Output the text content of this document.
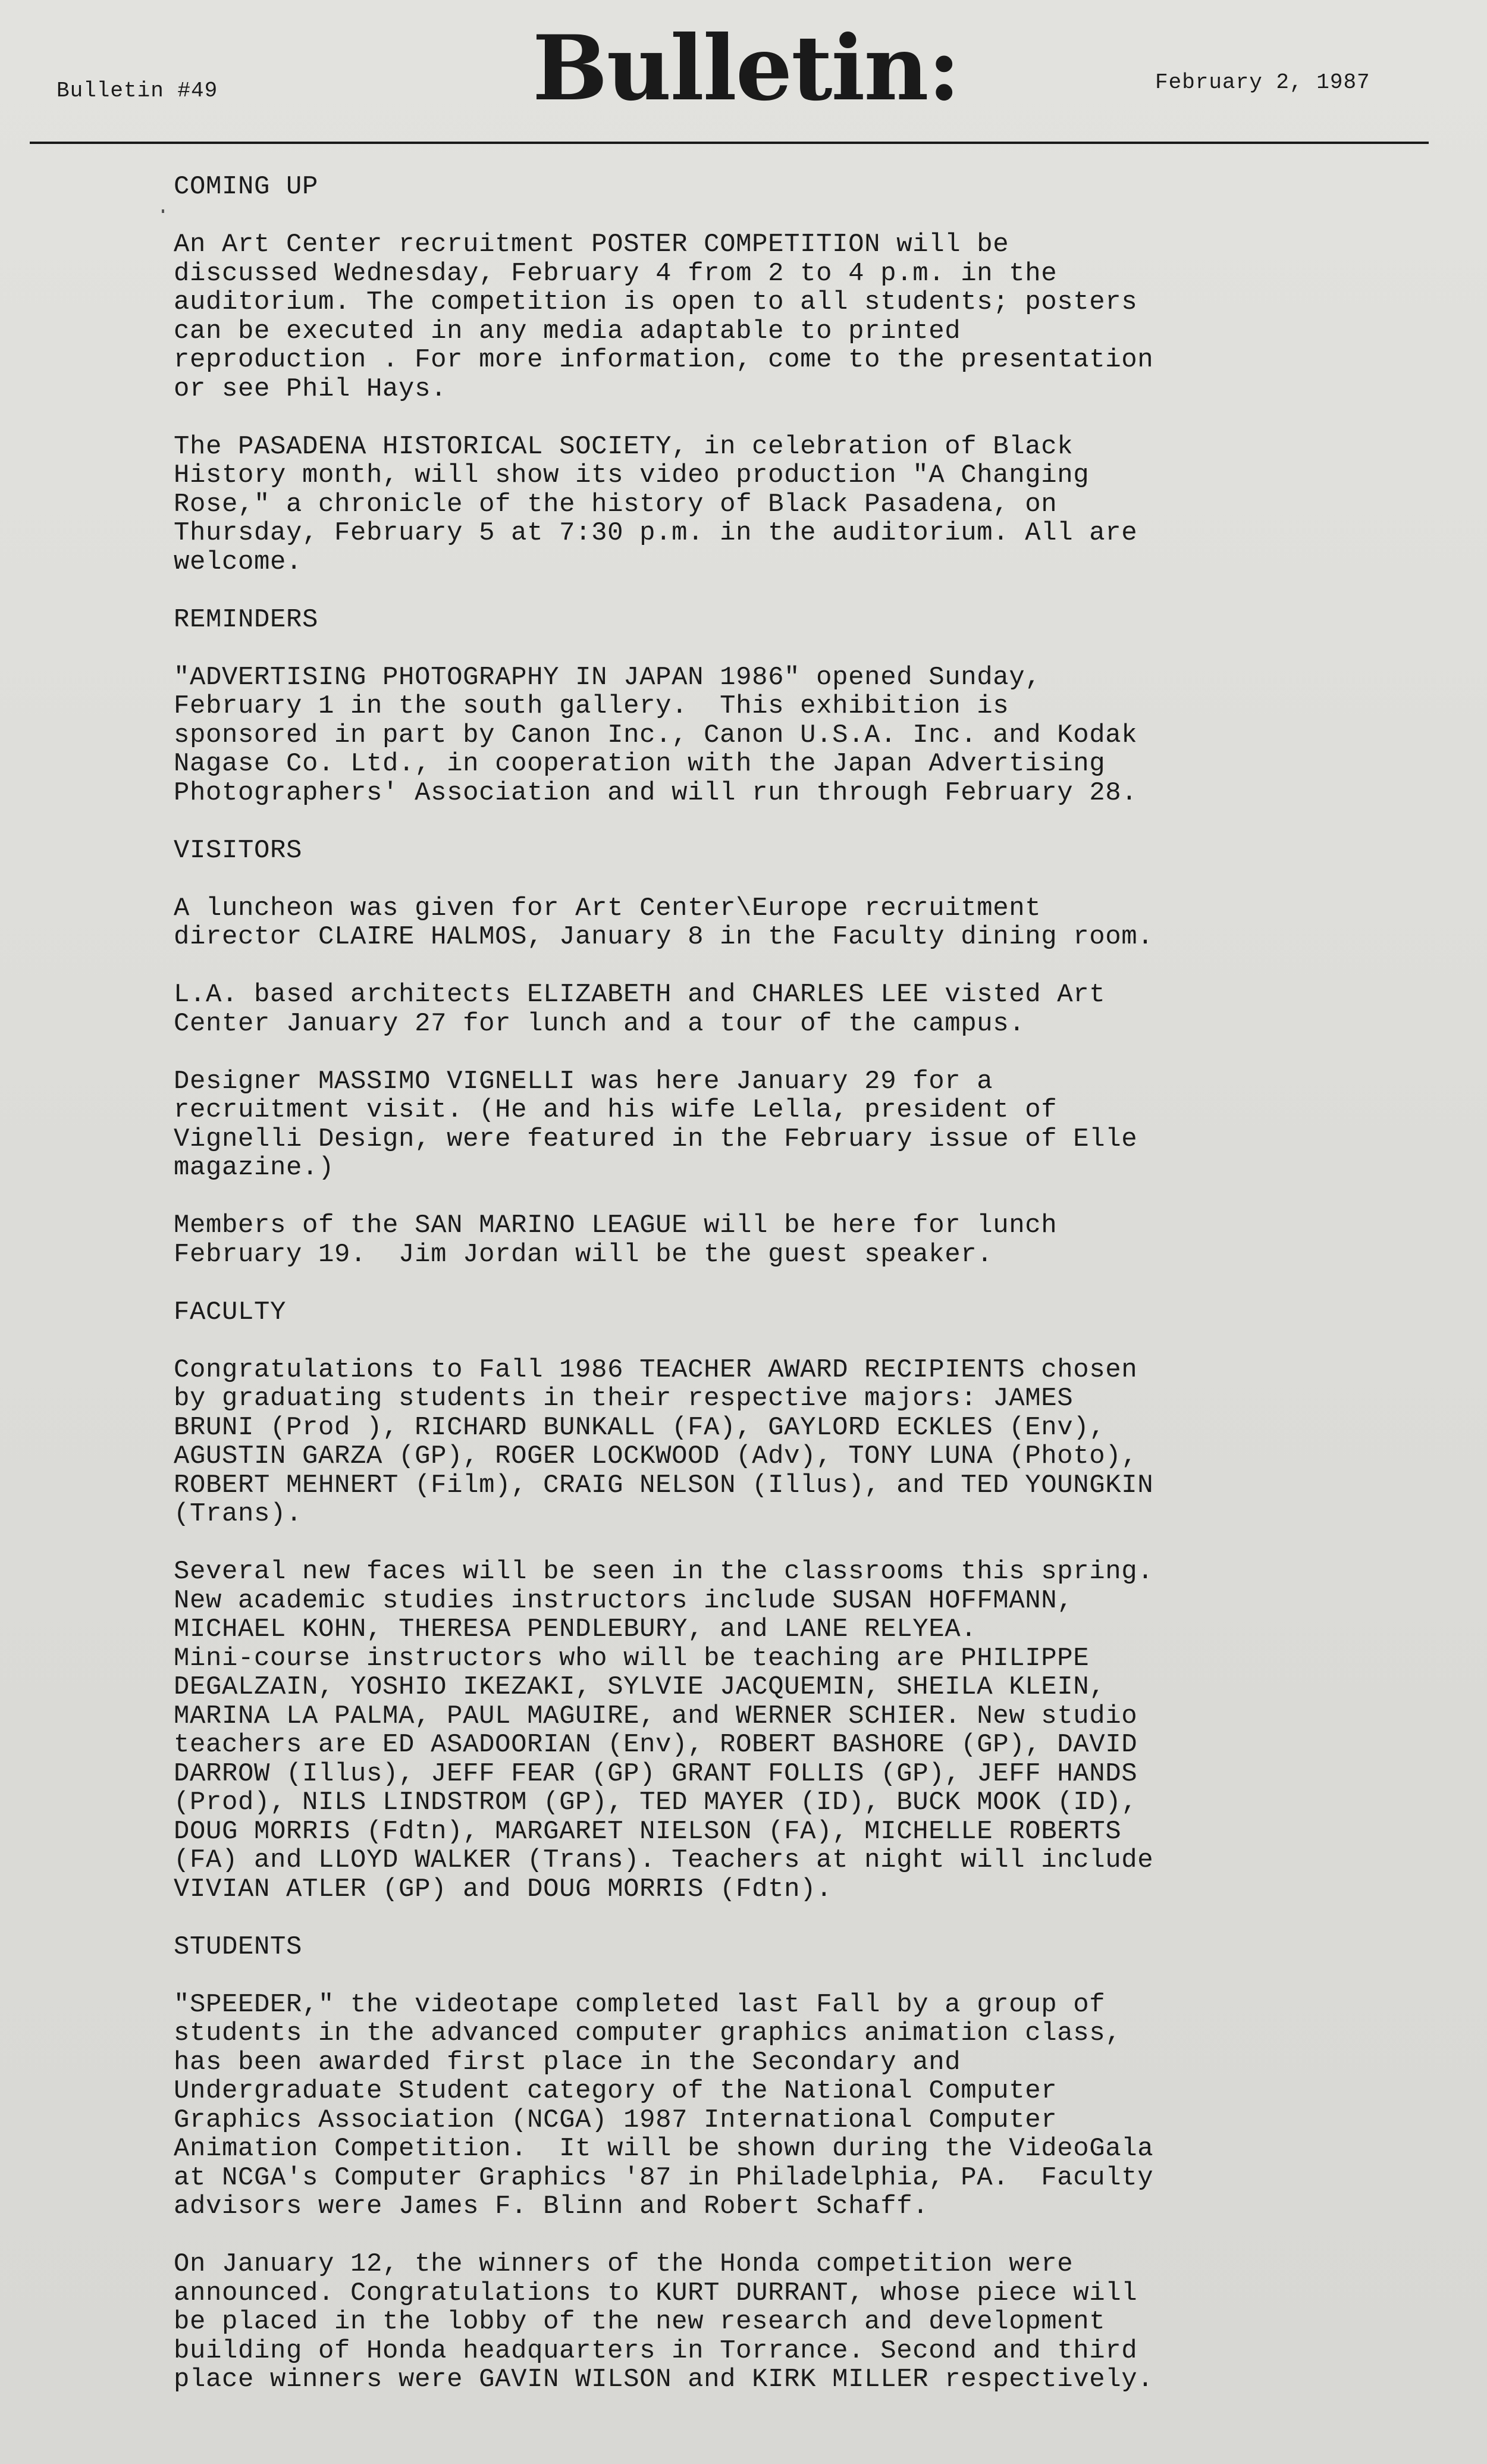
Bulletin #49	Bulletin:	February 2, 1987
COMING UP
An Art Center recruitment POSTER COMPETITION will be
discussed Wednesday, February 4 from 2 to 4 p.m. in the
auditorium. The competition is open to all students; posters
can be executed in any media adaptable to printed
reproduction . For more information, come to the presentation
or see Phil Hays.
The PASADENA HISTORICAL SOCIETY, in celebration of Black
History month, will show its video production "A Changing
Rose," a chronicle of the history of Black Pasadena, on
Thursday, February 5 at 7:30 p.m. in the auditorium. All are
welcome.
REMINDERS
"ADVERTISING PHOTOGRAPHY IN JAPAN 1986" opened Sunday,
February 1 in the south gallery.  This exhibition is
sponsored in part by Canon Inc., Canon U.S.A. Inc. and Kodak
Nagase Co. Ltd., in cooperation with the Japan Advertising
Photographers' Association and will run through February 28.
VISITORS
A luncheon was given for Art Center\Europe recruitment
director CLAIRE HALMOS, January 8 in the Faculty dining room.
L.A. based architects ELIZABETH and CHARLES LEE visted Art
Center January 27 for lunch and a tour of the campus.
Designer MASSIMO VIGNELLI was here January 29 for a
recruitment visit. (He and his wife Lella, president of
Vignelli Design, were featured in the February issue of Elle
magazine.)
Members of the SAN MARINO LEAGUE will be here for lunch
February 19.  Jim Jordan will be the guest speaker.
FACULTY
Congratulations to Fall 1986 TEACHER AWARD RECIPIENTS chosen
by graduating students in their respective majors: JAMES
BRUNI (Prod ), RICHARD BUNKALL (FA), GAYLORD ECKLES (Env),
AGUSTIN GARZA (GP), ROGER LOCKWOOD (Adv), TONY LUNA (Photo),
ROBERT MEHNERT (Film), CRAIG NELSON (Illus), and TED YOUNGKIN
(Trans).
Several new faces will be seen in the classrooms this spring.
New academic studies instructors include SUSAN HOFFMANN,
MICHAEL KOHN, THERESA PENDLEBURY, and LANE RELYEA.
Mini-course instructors who will be teaching are PHILIPPE
DEGALZAIN, YOSHIO IKEZAKI, SYLVIE JACQUEMIN, SHEILA KLEIN,
MARINA LA PALMA, PAUL MAGUIRE, and WERNER SCHIER. New studio
teachers are ED ASADOORIAN (Env), ROBERT BASHORE (GP), DAVID
DARROW (Illus), JEFF FEAR (GP) GRANT FOLLIS (GP), JEFF HANDS
(Prod), NILS LINDSTROM (GP), TED MAYER (ID), BUCK MOOK (ID),
DOUG MORRIS (Fdtn), MARGARET NIELSON (FA), MICHELLE ROBERTS
(FA) and LLOYD WALKER (Trans). Teachers at night will include
VIVIAN ATLER (GP) and DOUG MORRIS (Fdtn).
STUDENTS
"SPEEDER," the videotape completed last Fall by a group of
students in the advanced computer graphics animation class,
has been awarded first place in the Secondary and
Undergraduate Student category of the National Computer
Graphics Association (NCGA) 1987 International Computer
Animation Competition.  It will be shown during the VideoGala
at NCGA's Computer Graphics '87 in Philadelphia, PA.  Faculty
advisors were James F. Blinn and Robert Schaff.
On January 12, the winners of the Honda competition were
announced. Congratulations to KURT DURRANT, whose piece will
be placed in the lobby of the new research and development
building of Honda headquarters in Torrance. Second and third
place winners were GAVIN WILSON and KIRK MILLER respectively.
